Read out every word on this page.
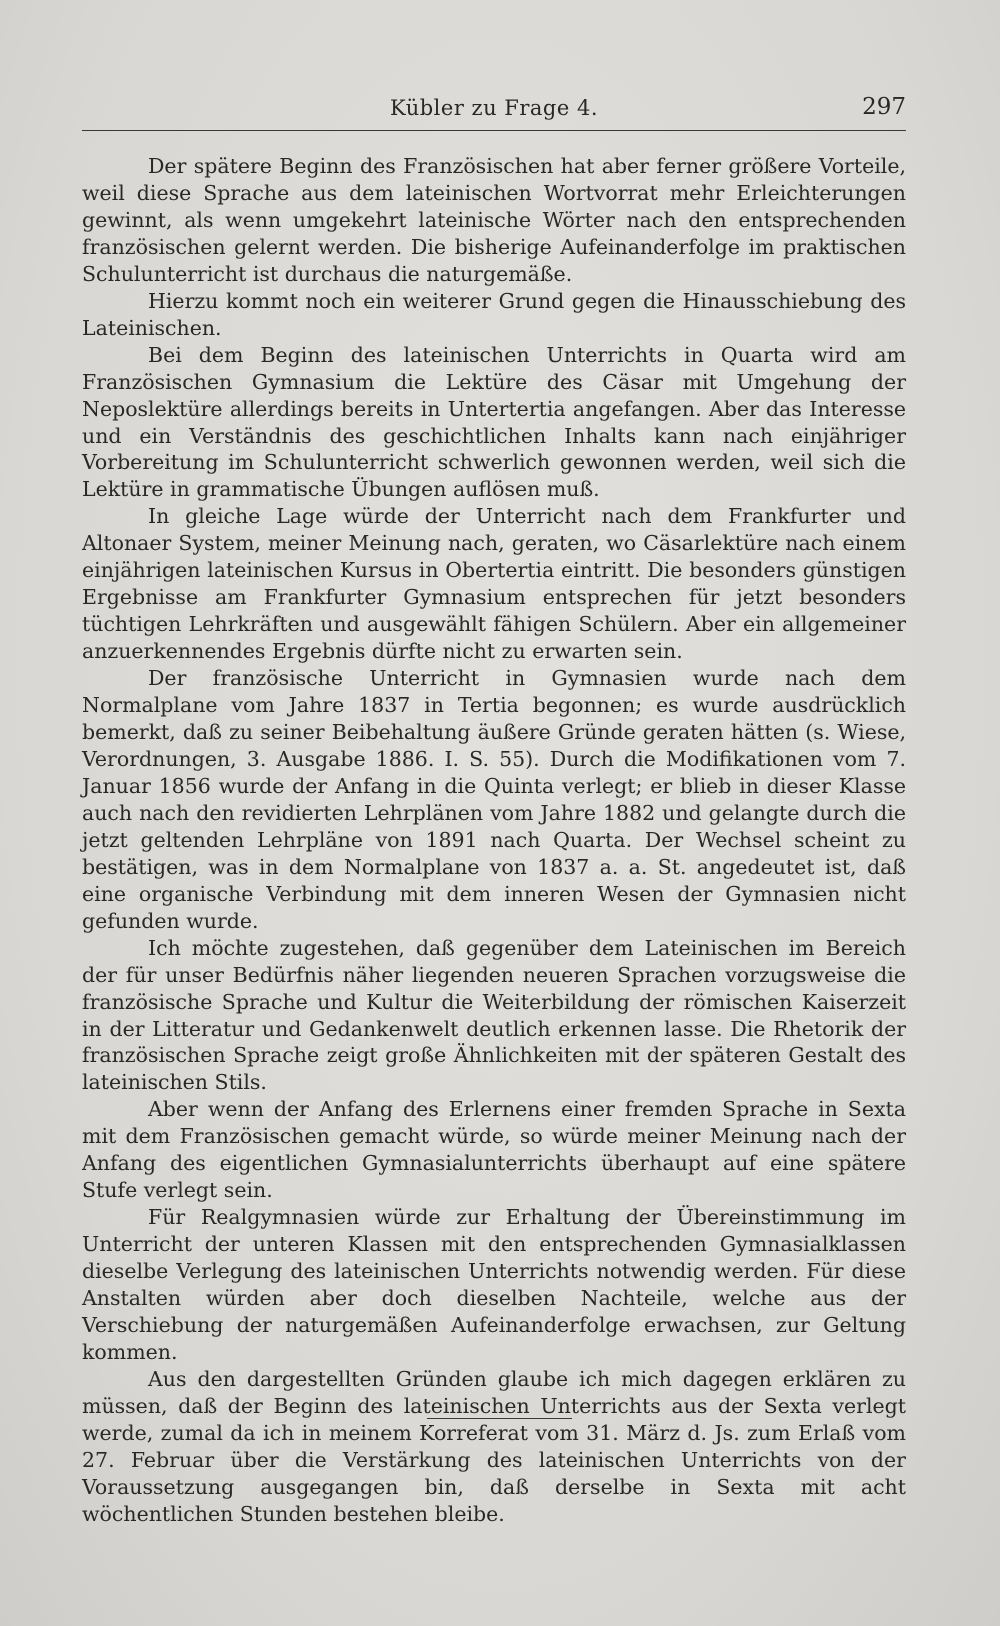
Kübler zu Frage 4.	297

Der spätere Beginn des Französischen hat aber ferner größere Vorteile, weil diese Sprache aus dem lateinischen Wortvorrat mehr Erleichterungen gewinnt, als wenn umgekehrt lateinische Wörter nach den entsprechenden französischen gelernt werden. Die bisherige Aufeinanderfolge im praktischen Schulunterricht ist durchaus die naturgemäße.

Hierzu kommt noch ein weiterer Grund gegen die Hinausschiebung des Lateinischen.

Bei dem Beginn des lateinischen Unterrichts in Quarta wird am Französischen Gymnasium die Lektüre des Cäsar mit Umgehung der Neposlektüre allerdings bereits in Untertertia angefangen. Aber das Interesse und ein Verständnis des geschichtlichen Inhalts kann nach einjähriger Vorbereitung im Schulunterricht schwerlich gewonnen werden, weil sich die Lektüre in grammatische Übungen auflösen muß.

In gleiche Lage würde der Unterricht nach dem Frankfurter und Altonaer System, meiner Meinung nach, geraten, wo Cäsarlektüre nach einem einjährigen lateinischen Kursus in Obertertia eintritt. Die besonders günstigen Ergebnisse am Frankfurter Gymnasium entsprechen für jetzt besonders tüchtigen Lehrkräften und ausgewählt fähigen Schülern. Aber ein allgemeiner anzuerkennendes Ergebnis dürfte nicht zu erwarten sein.

Der französische Unterricht in Gymnasien wurde nach dem Normalplane vom Jahre 1837 in Tertia begonnen; es wurde ausdrücklich bemerkt, daß zu seiner Beibehaltung äußere Gründe geraten hätten (s. Wiese, Verordnungen, 3. Ausgabe 1886. I. S. 55). Durch die Modifikationen vom 7. Januar 1856 wurde der Anfang in die Quinta verlegt; er blieb in dieser Klasse auch nach den revidierten Lehrplänen vom Jahre 1882 und gelangte durch die jetzt geltenden Lehrpläne von 1891 nach Quarta. Der Wechsel scheint zu bestätigen, was in dem Normalplane von 1837 a. a. St. angedeutet ist, daß eine organische Verbindung mit dem inneren Wesen der Gymnasien nicht gefunden wurde.

Ich möchte zugestehen, daß gegenüber dem Lateinischen im Bereich der für unser Bedürfnis näher liegenden neueren Sprachen vorzugsweise die französische Sprache und Kultur die Weiterbildung der römischen Kaiserzeit in der Litteratur und Gedankenwelt deutlich erkennen lasse. Die Rhetorik der französischen Sprache zeigt große Ähnlichkeiten mit der späteren Gestalt des lateinischen Stils.

Aber wenn der Anfang des Erlernens einer fremden Sprache in Sexta mit dem Französischen gemacht würde, so würde meiner Meinung nach der Anfang des eigentlichen Gymnasialunterrichts überhaupt auf eine spätere Stufe verlegt sein.

Für Realgymnasien würde zur Erhaltung der Übereinstimmung im Unterricht der unteren Klassen mit den entsprechenden Gymnasialklassen dieselbe Verlegung des lateinischen Unterrichts notwendig werden. Für diese Anstalten würden aber doch dieselben Nachteile, welche aus der Verschiebung der naturgemäßen Aufeinanderfolge erwachsen, zur Geltung kommen.

Aus den dargestellten Gründen glaube ich mich dagegen erklären zu müssen, daß der Beginn des lateinischen Unterrichts aus der Sexta verlegt werde, zumal da ich in meinem Korreferat vom 31. März d. Js. zum Erlaß vom 27. Februar über die Verstärkung des lateinischen Unterrichts von der Voraussetzung ausgegangen bin, daß derselbe in Sexta mit acht wöchentlichen Stunden bestehen bleibe.
